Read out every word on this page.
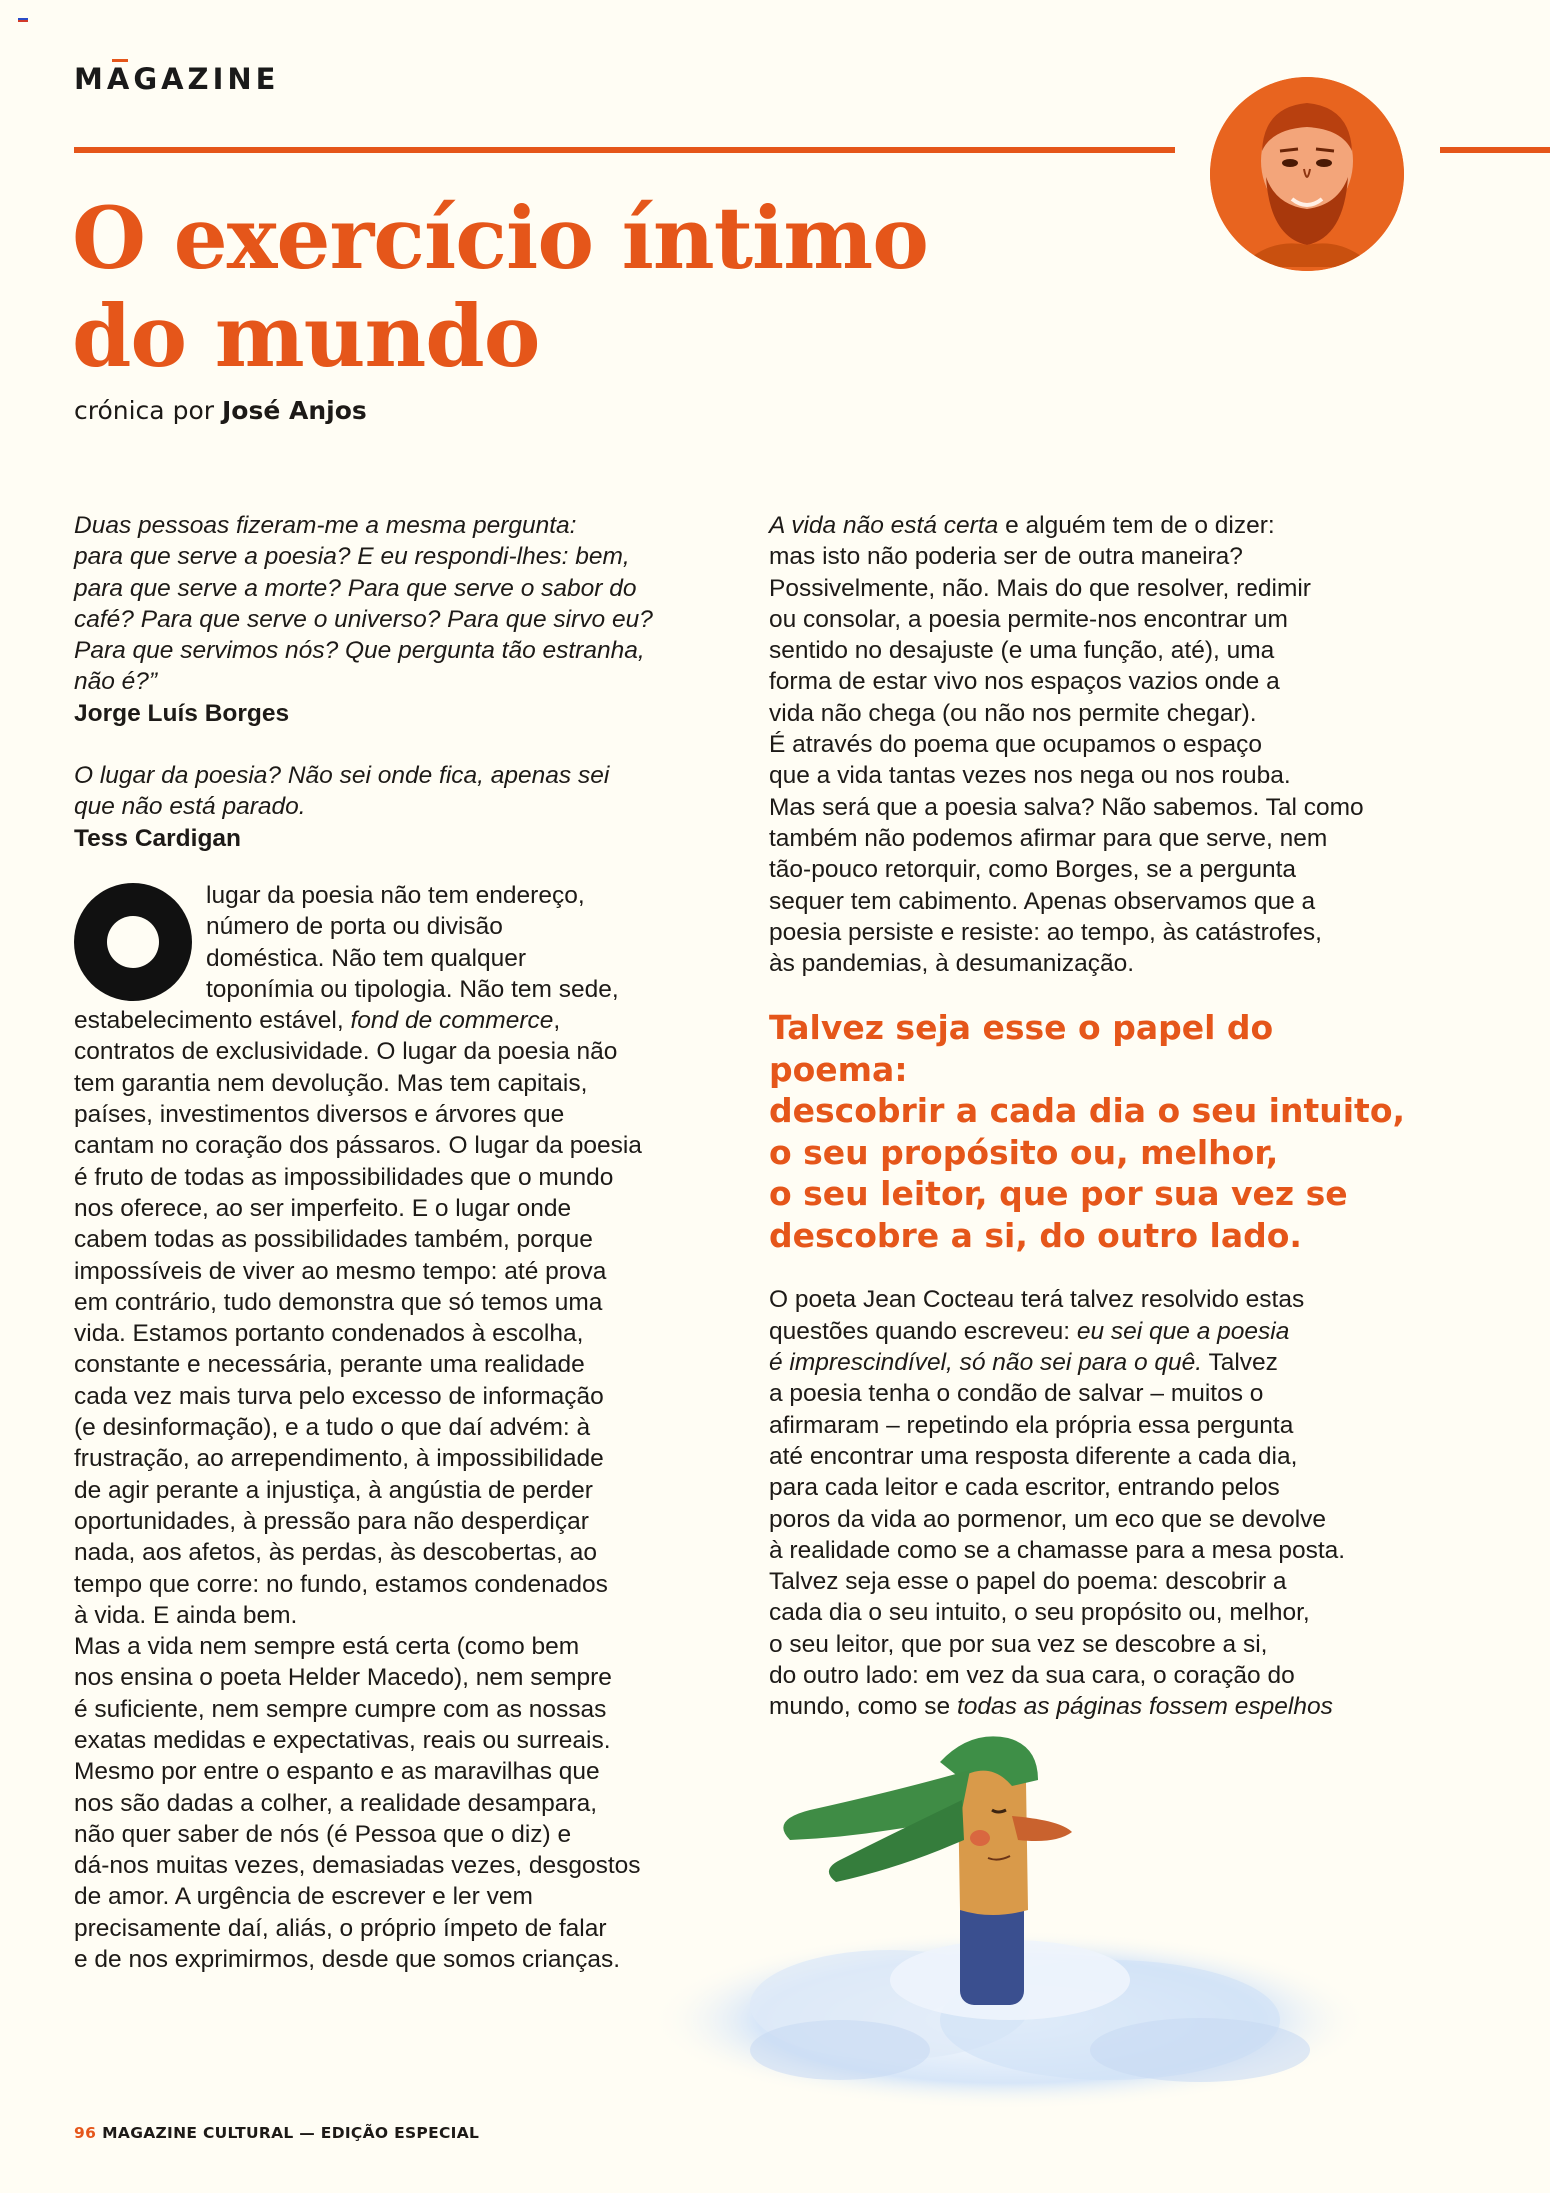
MAGAZINE
O exercício íntimo
do mundo
crónica por José Anjos

Duas pessoas fizeram-me a mesma pergunta:

para que serve a poesia? E eu respondi-lhes: bem,

para que serve a morte? Para que serve o sabor do

café? Para que serve o universo? Para que sirvo eu?

Para que servimos nós? Que pergunta tão estranha,

não é?”

Jorge Luís Borges

O lugar da poesia? Não sei onde fica, apenas sei

que não está parado.

Tess Cardigan

lugar da poesia não tem endereço,

número de porta ou divisão

doméstica. Não tem qualquer

toponímia ou tipologia. Não tem sede,

estabelecimento estável, fond de commerce,

contratos de exclusividade. O lugar da poesia não

tem garantia nem devolução. Mas tem capitais,

países, investimentos diversos e árvores que

cantam no coração dos pássaros. O lugar da poesia

é fruto de todas as impossibilidades que o mundo

nos oferece, ao ser imperfeito. E o lugar onde

cabem todas as possibilidades também, porque

impossíveis de viver ao mesmo tempo: até prova

em contrário, tudo demonstra que só temos uma

vida. Estamos portanto condenados à escolha,

constante e necessária, perante uma realidade

cada vez mais turva pelo excesso de informação

(e desinformação), e a tudo o que daí advém: à

frustração, ao arrependimento, à impossibilidade

de agir perante a injustiça, à angústia de perder

oportunidades, à pressão para não desperdiçar

nada, aos afetos, às perdas, às descobertas, ao

tempo que corre: no fundo, estamos condenados

à vida. E ainda bem.

Mas a vida nem sempre está certa (como bem

nos ensina o poeta Helder Macedo), nem sempre

é suficiente, nem sempre cumpre com as nossas

exatas medidas e expectativas, reais ou surreais.

Mesmo por entre o espanto e as maravilhas que

nos são dadas a colher, a realidade desampara,

não quer saber de nós (é Pessoa que o diz) e

dá-nos muitas vezes, demasiadas vezes, desgostos

de amor. A urgência de escrever e ler vem

precisamente daí, aliás, o próprio ímpeto de falar

e de nos exprimirmos, desde que somos crianças.

A vida não está certa e alguém tem de o dizer:

mas isto não poderia ser de outra maneira?

Possivelmente, não. Mais do que resolver, redimir

ou consolar, a poesia permite-nos encontrar um

sentido no desajuste (e uma função, até), uma

forma de estar vivo nos espaços vazios onde a

vida não chega (ou não nos permite chegar).

É através do poema que ocupamos o espaço

que a vida tantas vezes nos nega ou nos rouba.

Mas será que a poesia salva? Não sabemos. Tal como

também não podemos afirmar para que serve, nem

tão-pouco retorquir, como Borges, se a pergunta

sequer tem cabimento. Apenas observamos que a

poesia persiste e resiste: ao tempo, às catástrofes,

às pandemias, à desumanização.

Talvez seja esse o papel do poema:
descobrir a cada dia o seu intuito,
o seu propósito ou, melhor,
o seu leitor, que por sua vez se
descobre a si, do outro lado.

O poeta Jean Cocteau terá talvez resolvido estas

questões quando escreveu: eu sei que a poesia

é imprescindível, só não sei para o quê. Talvez

a poesia tenha o condão de salvar – muitos o

afirmaram – repetindo ela própria essa pergunta

até encontrar uma resposta diferente a cada dia,

para cada leitor e cada escritor, entrando pelos

poros da vida ao pormenor, um eco que se devolve

à realidade como se a chamasse para a mesa posta.

Talvez seja esse o papel do poema: descobrir a

cada dia o seu intuito, o seu propósito ou, melhor,

o seu leitor, que por sua vez se descobre a si,

do outro lado: em vez da sua cara, o coração do

mundo, como se todas as páginas fossem espelhos

96 MAGAZINE CULTURAL — EDIÇÃO ESPECIAL
